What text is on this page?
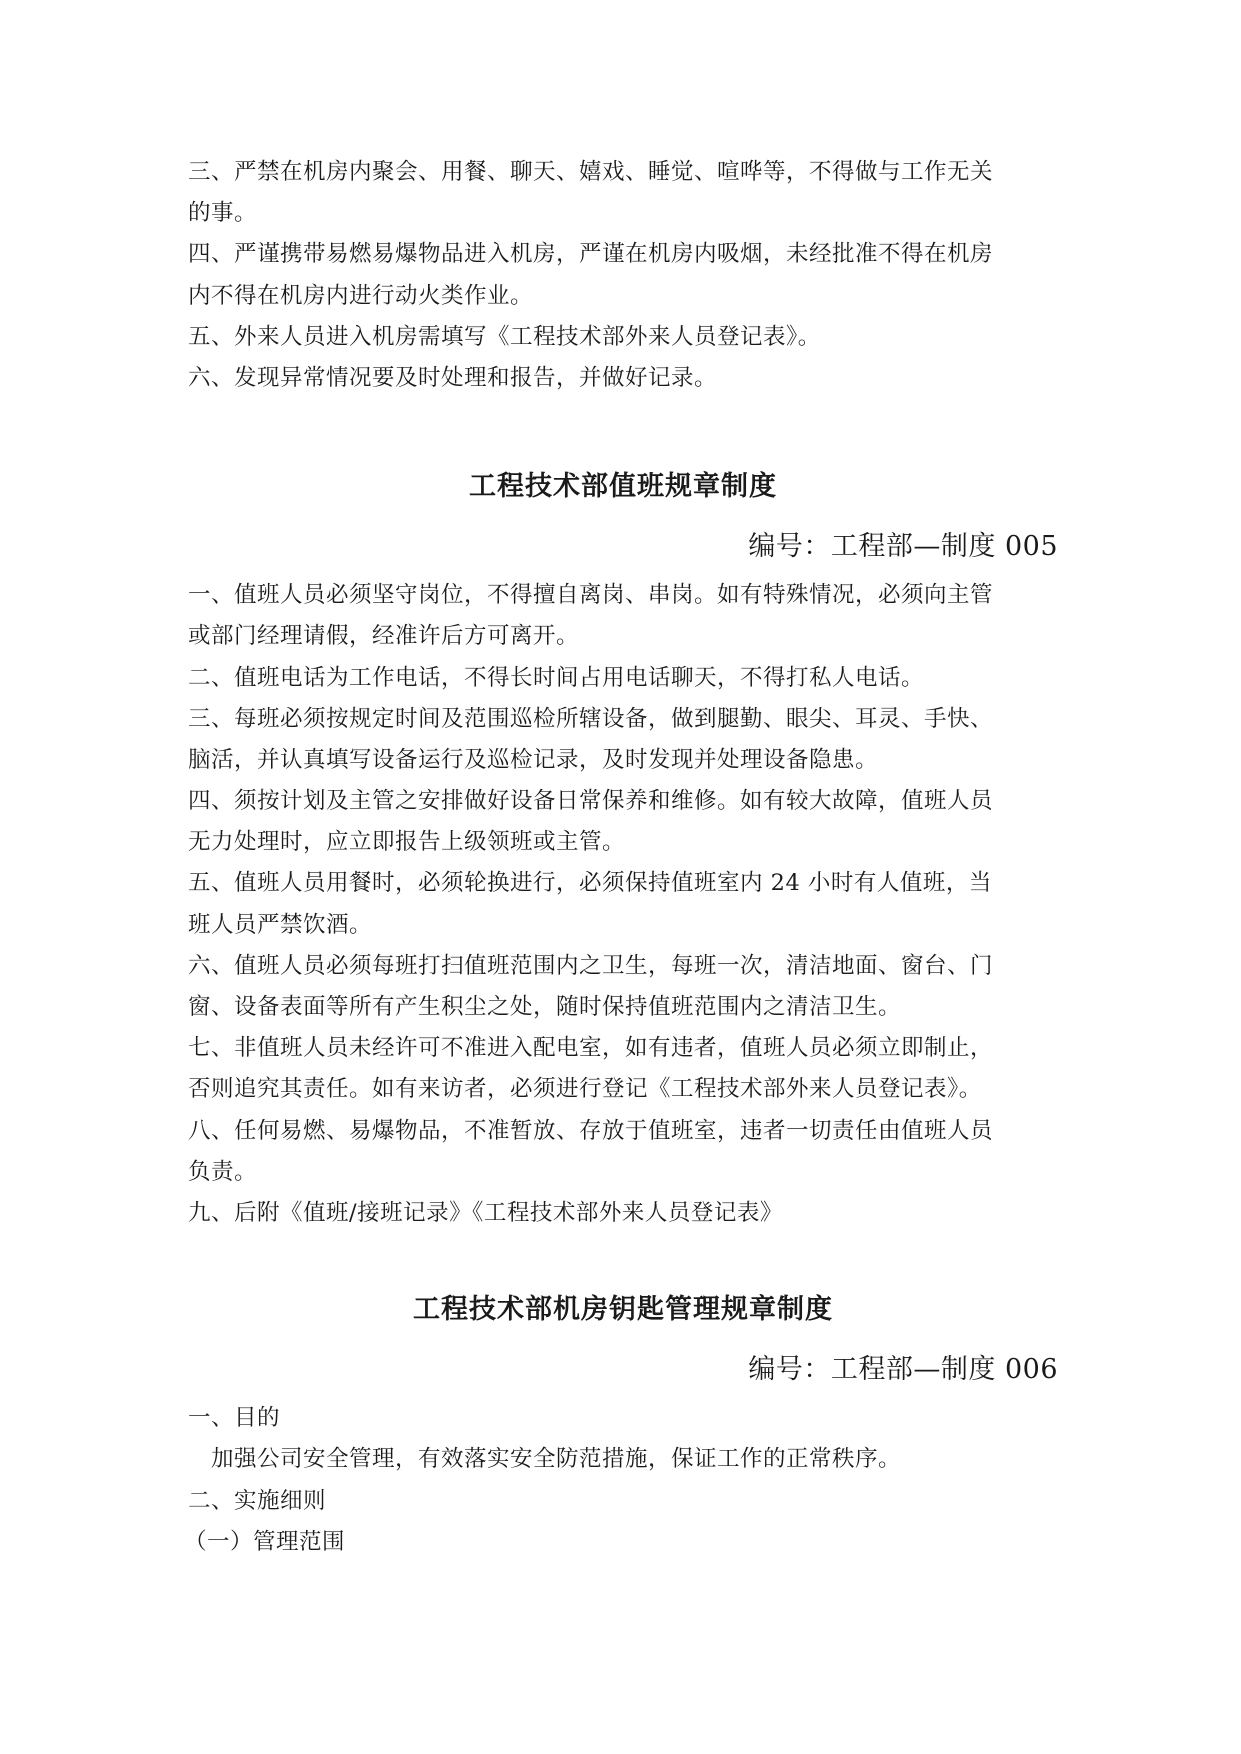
三、严禁在机房内聚会、用餐、聊天、嬉戏、睡觉、喧哗等，不得做与工作无关
的事。
四、严谨携带易燃易爆物品进入机房，严谨在机房内吸烟，未经批准不得在机房
内不得在机房内进行动火类作业。
五、外来人员进入机房需填写《工程技术部外来人员登记表》。
六、发现异常情况要及时处理和报告，并做好记录。
工程技术部值班规章制度
编号：工程部—制度 005
一、值班人员必须坚守岗位，不得擅自离岗、串岗。如有特殊情况，必须向主管
或部门经理请假，经准许后方可离开。
二、值班电话为工作电话，不得长时间占用电话聊天，不得打私人电话。
三、每班必须按规定时间及范围巡检所辖设备，做到腿勤、眼尖、耳灵、手快、
脑活，并认真填写设备运行及巡检记录，及时发现并处理设备隐患。
四、须按计划及主管之安排做好设备日常保养和维修。如有较大故障，值班人员
无力处理时，应立即报告上级领班或主管。
五、值班人员用餐时，必须轮换进行，必须保持值班室内 24 小时有人值班，当
班人员严禁饮酒。
六、值班人员必须每班打扫值班范围内之卫生，每班一次，清洁地面、窗台、门
窗、设备表面等所有产生积尘之处，随时保持值班范围内之清洁卫生。
七、非值班人员未经许可不准进入配电室，如有违者，值班人员必须立即制止，
否则追究其责任。如有来访者，必须进行登记《工程技术部外来人员登记表》。
八、任何易燃、易爆物品，不准暂放、存放于值班室，违者一切责任由值班人员
负责。
九、后附《值班/接班记录》《工程技术部外来人员登记表》
工程技术部机房钥匙管理规章制度
编号：工程部—制度 006
一、目的
加强公司安全管理，有效落实安全防范措施，保证工作的正常秩序。
二、实施细则
（一）管理范围
